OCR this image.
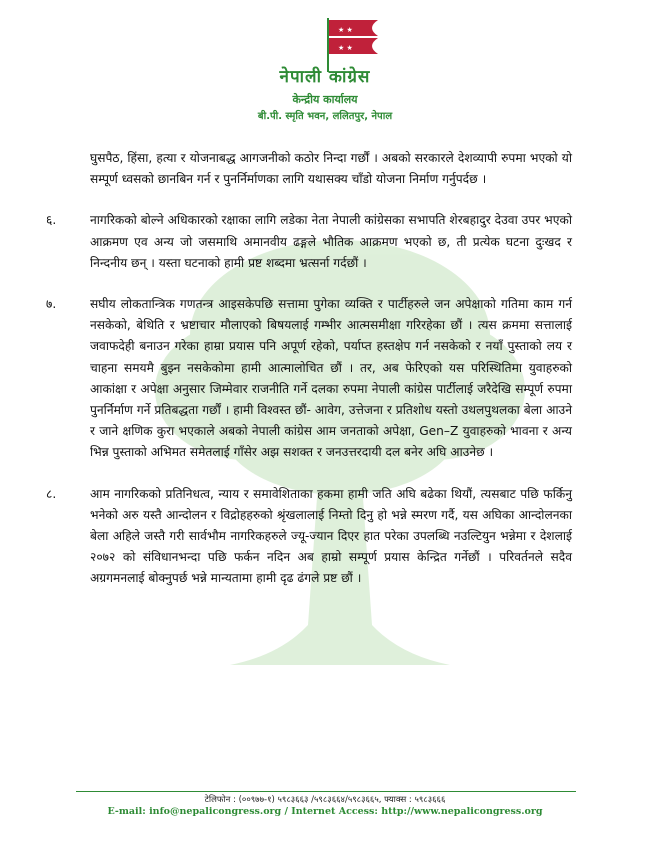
★ ★
★ ★
नेपाली कांग्रेस
केन्द्रीय कार्यालय
बी.पी. स्मृति भवन, ललितपुर, नेपाल

घुसपैठ, हिंसा, हत्या र योजनाबद्ध आगजनीको कठोर निन्दा गर्छौं । अबको सरकारले देशव्यापी रुपमा भएको यो सम्पूर्ण ध्वसको छानबिन गर्न र पुनर्निर्माणका लागि यथासक्य चाँडो योजना निर्माण गर्नुपर्दछ ।

६.	नागरिकको बोल्ने अधिकारको रक्षाका लागि लडेका नेता नेपाली कांग्रेसका सभापति शेरबहादुर देउवा उपर भएको आक्रमण एव अन्य जो जसमाथि अमानवीय ढङ्गले भौतिक आक्रमण भएको छ, ती प्रत्येक घटना दुःखद र निन्दनीय छन् । यस्ता घटनाको हामी प्रष्ट शब्दमा भ्रत्सर्ना गर्दछौं ।
७.	सघीय लोकतान्त्रिक गणतन्त्र आइसकेपछि सत्तामा पुगेका व्यक्ति र पार्टीहरुले जन अपेक्षाको गतिमा काम गर्न नसकेको, बेथिति र भ्रष्टाचार मौलाएको बिषयलाई गम्भीर आत्मसमीक्षा गरिरहेका छौं । त्यस क्रममा सत्तालाई जवाफदेही बनाउन गरेका हाम्रा प्रयास पनि अपूर्ण रहेको, पर्याप्त हस्तक्षेप गर्न नसकेको र नयाँ पुस्ताको लय र चाहना समयमै बुझ्न नसकेकोमा हामी आत्मालोचित छौं । तर, अब फेरिएको यस परिस्थितिमा युवाहरुको आकांक्षा र अपेक्षा अनुसार जिम्मेवार राजनीति गर्ने दलका रुपमा नेपाली कांग्रेस पार्टीलाई जरैदेखि सम्पूर्ण रुपमा पुनर्निर्माण गर्ने प्रतिबद्धता गर्छौं । हामी विश्वस्त छौं- आवेग, उत्तेजना र प्रतिशोध यस्तो उथलपुथलका बेला आउने र जाने क्षणिक कुरा भएकाले अबको नेपाली कांग्रेस आम जनताको अपेक्षा, Gen–Z युवाहरुको भावना र अन्य भिन्न पुस्ताको अभिमत समेतलाई गाँसेर अझ सशक्त र जनउत्तरदायी दल बनेर अघि आउनेछ ।
८.	आम नागरिकको प्रतिनिधत्व, न्याय र समावेशिताका हकमा हामी जति अघि बढेका थियौं, त्यसबाट पछि फर्किनु भनेको अरु यस्तै आन्दोलन र विद्रोहहरुको श्रृंखलालाई निम्तो दिनु हो भन्ने स्मरण गर्दै, यस अघिका आन्दोलनका बेला अहिले जस्तै गरी सार्वभौम नागरिकहरुले ज्यू-ज्यान दिएर हात परेका उपलब्धि नउल्टियुन भन्नेमा र देशलाई २०७२ को संविधानभन्दा पछि फर्कन नदिन अब हाम्रो सम्पूर्ण प्रयास केन्द्रित गर्नेछौं । परिवर्तनले सदैव अग्रगमनलाई बोक्नुपर्छ भन्ने मान्यतामा हामी दृढ ढंगले प्रष्ट छौं ।
टेलिफोन : (००९७७-१) ५९८३६६३ /५९८३६६४/५९८३६६५, फ्याक्स : ५९८३६६६
E-mail: info@nepalicongress.org / Internet Access: http://www.nepalicongress.org
